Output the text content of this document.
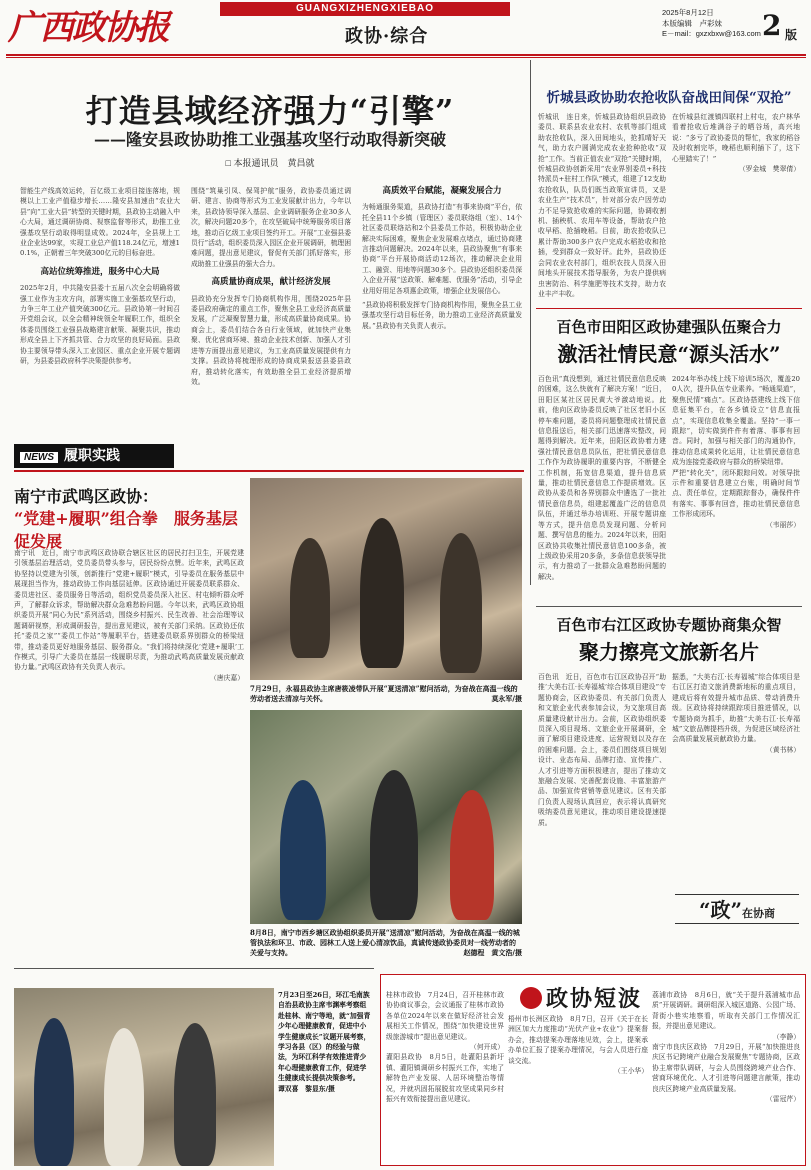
广西政协报	GUANGXIZHENGXIEBAO
政协·综合
2025年8月12日
本版编辑　卢彩妹
E－mail：gxzxbxw@163.com 2 版
打造县域经济强力“引擎”
——隆安县政协助推工业强基攻坚行动取得新突破
□ 本报通讯员　黄昌就

智能生产线高效运转，百亿级工业项目接连落地，规模以上工业产值稳步增长……隆安县加速由“农业大县”向“工业大县”转型的关键时期，县政协主动融入中心大局，通过调研协商、视察监督等形式，助推工业强基攻坚行动取得明显成效。2024年，全县规上工业企业达99家，实现工业总产值118.24亿元，增速10.1%，正朝着三年突破300亿元的目标奋进。

高站位统筹推进，服务中心大局

2025年2月，中共隆安县委十五届八次全会明确将做强工业作为主攻方向，部署实施工业强基攻坚行动，力争三年工业产值突破300亿元。县政协第一时间召开党组会议，以全会精神统领全年履职工作，组织全体委员围绕工业强县战略建言献策、凝聚共识，推动形成全县上下齐抓共管、合力攻坚的良好局面。县政协主要领导带头深入工业园区、重点企业开展专题调研，为县委县政府科学决策提供参考。

围绕“筑巢引凤、保驾护航”服务，政协委员通过调研、建言、协商等形式为工业发展献计出力，今年以来，县政协领导深入基层、企业调研服务企业30多人次，解决问题20多个，在攻坚破局中统筹服务项目落地，推动百亿级工业项目签约开工。开展“工业强县委员行”活动，组织委员深入园区企业开展调研，梳理困难问题，提出意见建议，督促有关部门抓好落实，形成助推工业强县的强大合力。

高质量协商成果，献计经济发展

县政协充分发挥专门协商机构作用，围绕2025年县委县政府确定的重点工作，聚焦全县工业经济高质量发展，广泛凝聚智慧力量，形成高质量协商成果。协商会上，委员们结合各自行业领域，就加快产业集聚、优化营商环境、推动企业技术创新、加强人才引进等方面提出意见建议，为工业高质量发展提供有力支撑。县政协将梳理形成的协商成果报送县委县政府，推动转化落实，有效助推全县工业经济提质增效。

高质效平台赋能，凝聚发展合力

为畅通服务渠道，县政协打造“有事来协商”平台，依托全县11个乡镇（管理区）委员联络组（室）、14个社区委员联络站和2个县委员工作站，积极协助企业解决实际困难，聚焦企业发展难点堵点，通过协商建言推动问题解决。2024年以来，县政协聚焦“有事来协商”平台开展协商活动12场次，推动解决企业用工、融资、用地等问题30多个。县政协还组织委员深入企业开展“送政策、解难题、优服务”活动，引导企业用好用足各项惠企政策，增强企业发展信心。

“县政协将积极发挥专门协商机构作用，聚焦全县工业强基攻坚行动目标任务，助力推动工业经济高质量发展。”县政协有关负责人表示。

NEWS 履职实践
南宁市武鸣区政协：
“党建+履职”组合拳　服务基层促发展

南宁讯　近日，南宁市武鸣区政协联合辖区社区的居民打扫卫生，开展党建引领基层治理活动，党员委员带头参与，居民纷纷点赞。近年来，武鸣区政协坚持以党建为引领，创新推行“党建+履职”模式，引导委员在服务基层中展现担当作为，推动政协工作向基层延伸。区政协通过开展委员联系群众、委员进社区、委员服务日等活动，组织党员委员深入社区、村屯倾听群众呼声，了解群众诉求，帮助解决群众急难愁盼问题。今年以来，武鸣区政协组织委员开展“同心为民”系列活动，围绕乡村振兴、民生改善、社会治理等议题调研视察，形成调研报告，提出意见建议，被有关部门采纳。区政协还依托“委员之家”“委员工作站”等履职平台，搭建委员联系界别群众的桥梁纽带，推动委员更好地服务基层、服务群众。“我们将持续深化‘党建+履职’工作模式，引导广大委员在基层一线履职尽责，为推动武鸣高质量发展贡献政协力量。”武鸣区政协有关负责人表示。

（唐庆嘉）

7月29日，永福县政协主席唐筱凌带队开展“夏送清凉”慰问活动，为奋战在高温一线的劳动者送去清凉与关怀。	莫永军/摄
8月8日，南宁市西乡塘区政协组织委员开展“送清凉”慰问活动，为奋战在高温一线的城管执法和环卫、市政、园林工人送上爱心清凉饮品，真诚传递政协委员对一线劳动者的关爱与支持。	赵德程　黄文浩/摄
7月23日至26日，环江毛南族自治县政协主席韦渊率考察组赴桂林、南宁等地，就“加强青少年心理健康教育，促进中小学生健康成长”议题开展考察，学习各县（区）的经验与做法，为环江科学有效推进青少年心理健康教育工作，促进学生健康成长提供决策参考。
谭双喜　黎显东/摄
忻城县政协助农抢收队奋战田间保“双抢”

忻城讯　连日来，忻城县政协组织县政协委员、联系县农业农村、农机等部门组成助农抢收队，深入田间地头，抢抓晴好天气，助力农户圆满完成农业抢种抢收“双抢”工作。当前正值农业“双抢”关键时期，忻城县政协创新采用“农业界别委员+科技特派员+驻村工作队”模式，组建了12支助农抢收队，队员们既当政策宣讲员，又是农业生产“技术员”，针对部分农户因劳动力不足导致抢收难的实际问题，协调收割机、插秧机、农用车等设备，帮助农户抢收早稻、抢插晚稻。目前，助农抢收队已累计帮助300多户农户完成水稻抢收和抢插，受到群众一致好评。此外，县政协还会同农业农村部门，组织农技人员深入田间地头开展技术指导服务，为农户提供病虫害防治、科学施肥等技术支持，助力农业丰产丰收。

在忻城县红渡镇四联村上村屯，农户林华看着抢收后堆满谷子的晒谷场，高兴地说：“多亏了政协委员的帮忙，我家的稻谷及时收割完毕，晚稻也顺利插下了，这下心里踏实了！”

（罗金城　樊翠倩）

百色市田阳区政协建强队伍聚合力
激活社情民意“源头活水”

百色讯“真没想到，通过社情民意信息反映的困难，这么快就有了解决方案！”近日，田阳区某社区居民黄大爷激动地说。此前，他向区政协委员反映了社区老旧小区停车难问题，委员将问题整理成社情民意信息报送后，相关部门迅速落实整改，问题得到解决。近年来，田阳区政协着力建强社情民意信息员队伍，把社情民意信息工作作为政协履职的重要内容，不断健全工作机制，拓宽信息渠道，提升信息质量，推动社情民意信息工作提质增效。区政协从委员和各界别群众中遴选了一批社情民意信息员，组建起覆盖广泛的信息员队伍，并通过举办培训班、开展专题讲座等方式，提升信息员发现问题、分析问题、撰写信息的能力。2024年以来，田阳区政协共收集社情民意信息100多条，被上级政协采用20多条，多条信息获领导批示，有力推动了一批群众急难愁盼问题的解决。

2024年举办线上线下培训5场次，覆盖200人次，提升队伍专业素养。“畅通渠道”，聚焦民情“痛点”。区政协搭建线上线下信息征集平台，在各乡镇设立“信息直报点”，实现信息收集全覆盖。坚持“一事一跟踪”，切实做到件件有着落、事事有回音。同时，加强与相关部门的沟通协作，推动信息成果转化运用，让社情民意信息成为连接党委政府与群众的桥梁纽带。

严把“转化关”，闭环跟踪问效。对领导批示件和重要信息建立台账，明确时间节点、责任单位，定期跟踪督办，确保件件有落实、事事有回音，推动社情民意信息工作形成闭环。

（韦丽莎）

百色市右江区政协专题协商集众智
聚力擦亮文旅新名片

百色讯　近日，百色市右江区政协召开“助推‘大美右江·长寿福城’综合体项目建设”专题协商会，区政协委员、有关部门负责人和文旅企业代表参加会议，为文旅项目高质量建设献计出力。会前，区政协组织委员深入项目现场、文旅企业开展调研，全面了解项目建设进度、运营规划以及存在的困难问题。会上，委员们围绕项目规划设计、业态布局、品牌打造、宣传推广、人才引进等方面积极建言，提出了推动文旅融合发展、完善配套设施、丰富旅游产品、加强宣传营销等意见建议。区有关部门负责人现场认真回应，表示将认真研究吸纳委员意见建议，推动项目建设提速提质。

据悉，“大美右江·长寿福城”综合体项目是右江区打造文旅消费新地标的重点项目，建成后将有效提升城市品质、带动消费升级。区政协将持续跟踪项目推进情况，以专题协商为抓手，助推“大美右江·长寿福城”文旅品牌提档升级，为促进区域经济社会高质量发展贡献政协力量。

（黄书林）

“政”在协商
政协短波

桂林市政协　7月24日，召开桂林市政协协商议事会，会议通报了桂林市政协各单位2024年以来在做好经济社会发展相关工作情况，围绕“加快建设世界级旅游城市”提出意见建议。

（何开成）

灌阳县政协　8月5日，赴灌阳县新圩镇、灌阳镇调研乡村振兴工作，实地了解特色产业发展、人居环境整治等情况，并就巩固拓展脱贫攻坚成果同乡村振兴有效衔接提出意见建议。

梧州市长洲区政协　8月7日，召开《关于在长洲区加大力度推动“光伏产业+农业”》提案督办会，推动提案办理落地见效，会上，提案承办单位汇报了提案办理情况，与会人员进行座谈交流。

（王小华）

荔浦市政协　8月6日，就“关于提升荔浦城市品质”开展调研。调研组深入城区道路、公园广场、背街小巷实地察看，听取有关部门工作情况汇报，并提出意见建议。

（李静）

南宁市良庆区政协　7月29日，开展“加快推进良庆区书记跨境产业融合发展聚焦”专题协商，区政协主席带队调研，与会人员围绕跨境产业合作、营商环境优化、人才引进等问题建言献策，推动良庆区跨境产业高质量发展。

（雷冠芹）
